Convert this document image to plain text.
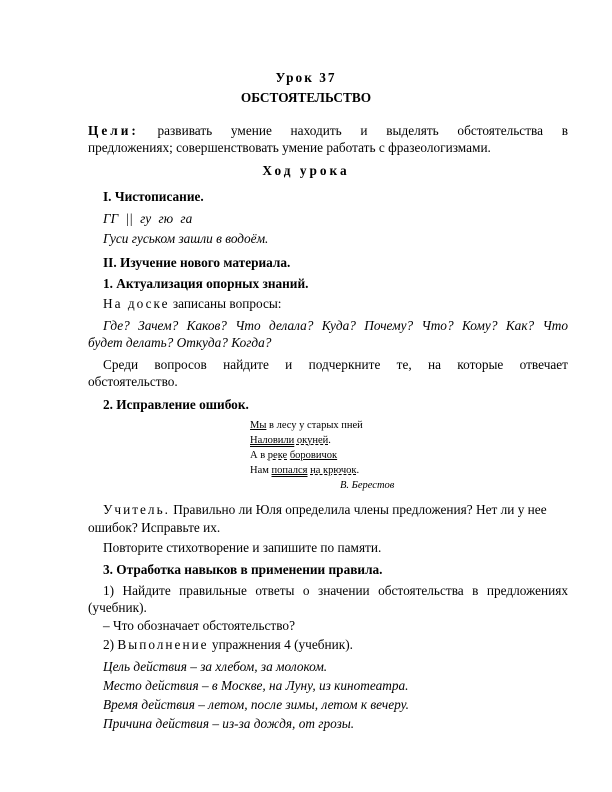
Урок 37
ОБСТОЯТЕЛЬСТВО
Цели: развивать умение находить и выделять обстоятельства в
предложениях; совершенствовать умение работать с фразеологизмами.
Ход урока
I. Чистописание.
ГГ || гу гю га
Гуси гуськом зашли в водоём.
II. Изучение нового материала.
1. Актуализация опорных знаний.
На доске записаны вопросы:
Где? Зачем? Каков? Что делала? Куда? Почему? Что? Кому? Как? Что
будет делать? Откуда? Когда?
Среди вопросов найдите и подчеркните те, на которые отвечает
обстоятельство.
2. Исправление ошибок.
Мы в лесу у старых пней
Наловили окуней.
А в реке боровичок
Нам попался на крючок.
В. Берестов
Учитель. Правильно ли Юля определила члены предложения? Нет ли у нее
ошибок? Исправьте их.
Повторите стихотворение и запишите по памяти.
3. Отработка навыков в применении правила.
1) Найдите правильные ответы о значении обстоятельства в предложениях
(учебник).
– Что обозначает обстоятельство?
2) Выполнение упражнения 4 (учебник).
Цель действия – за хлебом, за молоком.
Место действия – в Москве, на Луну, из кинотеатра.
Время действия – летом, после зимы, летом к вечеру.
Причина действия – из-за дождя, от грозы.
